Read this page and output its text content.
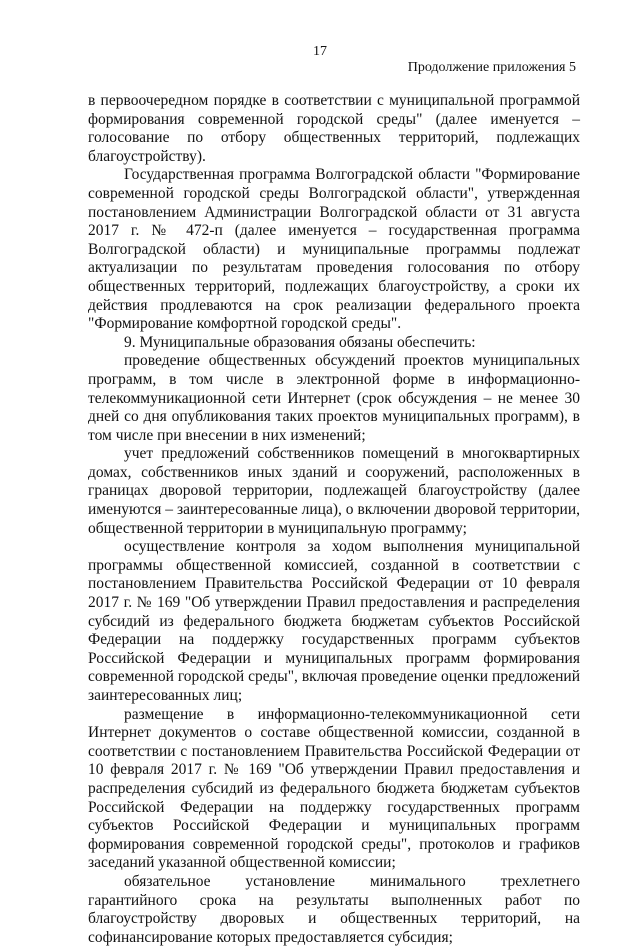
17
Продолжение приложения 5

в первоочередном порядке в соответствии с муниципальной программой формирования современной городской среды" (далее именуется – голосование по отбору общественных территорий, подлежащих благоустройству).

Государственная программа Волгоградской области "Формирование современной городской среды Волгоградской области", утвержденная постановлением Администрации Волгоградской области от 31 августа 2017 г. № 472-п (далее именуется – государственная программа Волгоградской области) и муниципальные программы подлежат актуализации по результатам проведения голосования по отбору общественных территорий, подлежащих благоустройству, а сроки их действия продлеваются на срок реализации федерального проекта "Формирование комфортной городской среды".

9. Муниципальные образования обязаны обеспечить:

проведение общественных обсуждений проектов муниципальных программ, в том числе в электронной форме в информационно-телекоммуникационной сети Интернет (срок обсуждения – не менее 30 дней со дня опубликования таких проектов муниципальных программ), в том числе при внесении в них изменений;

учет предложений собственников помещений в многоквартирных домах, собственников иных зданий и сооружений, расположенных в границах дворовой территории, подлежащей благоустройству (далее именуются – заинтересованные лица), о включении дворовой территории, общественной территории в муниципальную программу;

осуществление контроля за ходом выполнения муниципальной программы общественной комиссией, созданной в соответствии с постановлением Правительства Российской Федерации от 10 февраля 2017 г. № 169 "Об утверждении Правил предоставления и распределения субсидий из федерального бюджета бюджетам субъектов Российской Федерации на поддержку государственных программ субъектов Российской Федерации и муниципальных программ формирования современной городской среды", включая проведение оценки предложений заинтересованных лиц;

размещение в информационно-телекоммуникационной сети Интернет документов о составе общественной комиссии, созданной в соответствии с постановлением Правительства Российской Федерации от 10 февраля 2017 г. № 169 "Об утверждении Правил предоставления и распределения субсидий из федерального бюджета бюджетам субъектов Российской Федерации на поддержку государственных программ субъектов Российской Федерации и муниципальных программ формирования современной городской среды", протоколов и графиков заседаний указанной общественной комиссии;

обязательное установление минимального трехлетнего гарантийного срока на результаты выполненных работ по благоустройству дворовых и общественных территорий, на софинансирование которых предоставляется субсидия;
